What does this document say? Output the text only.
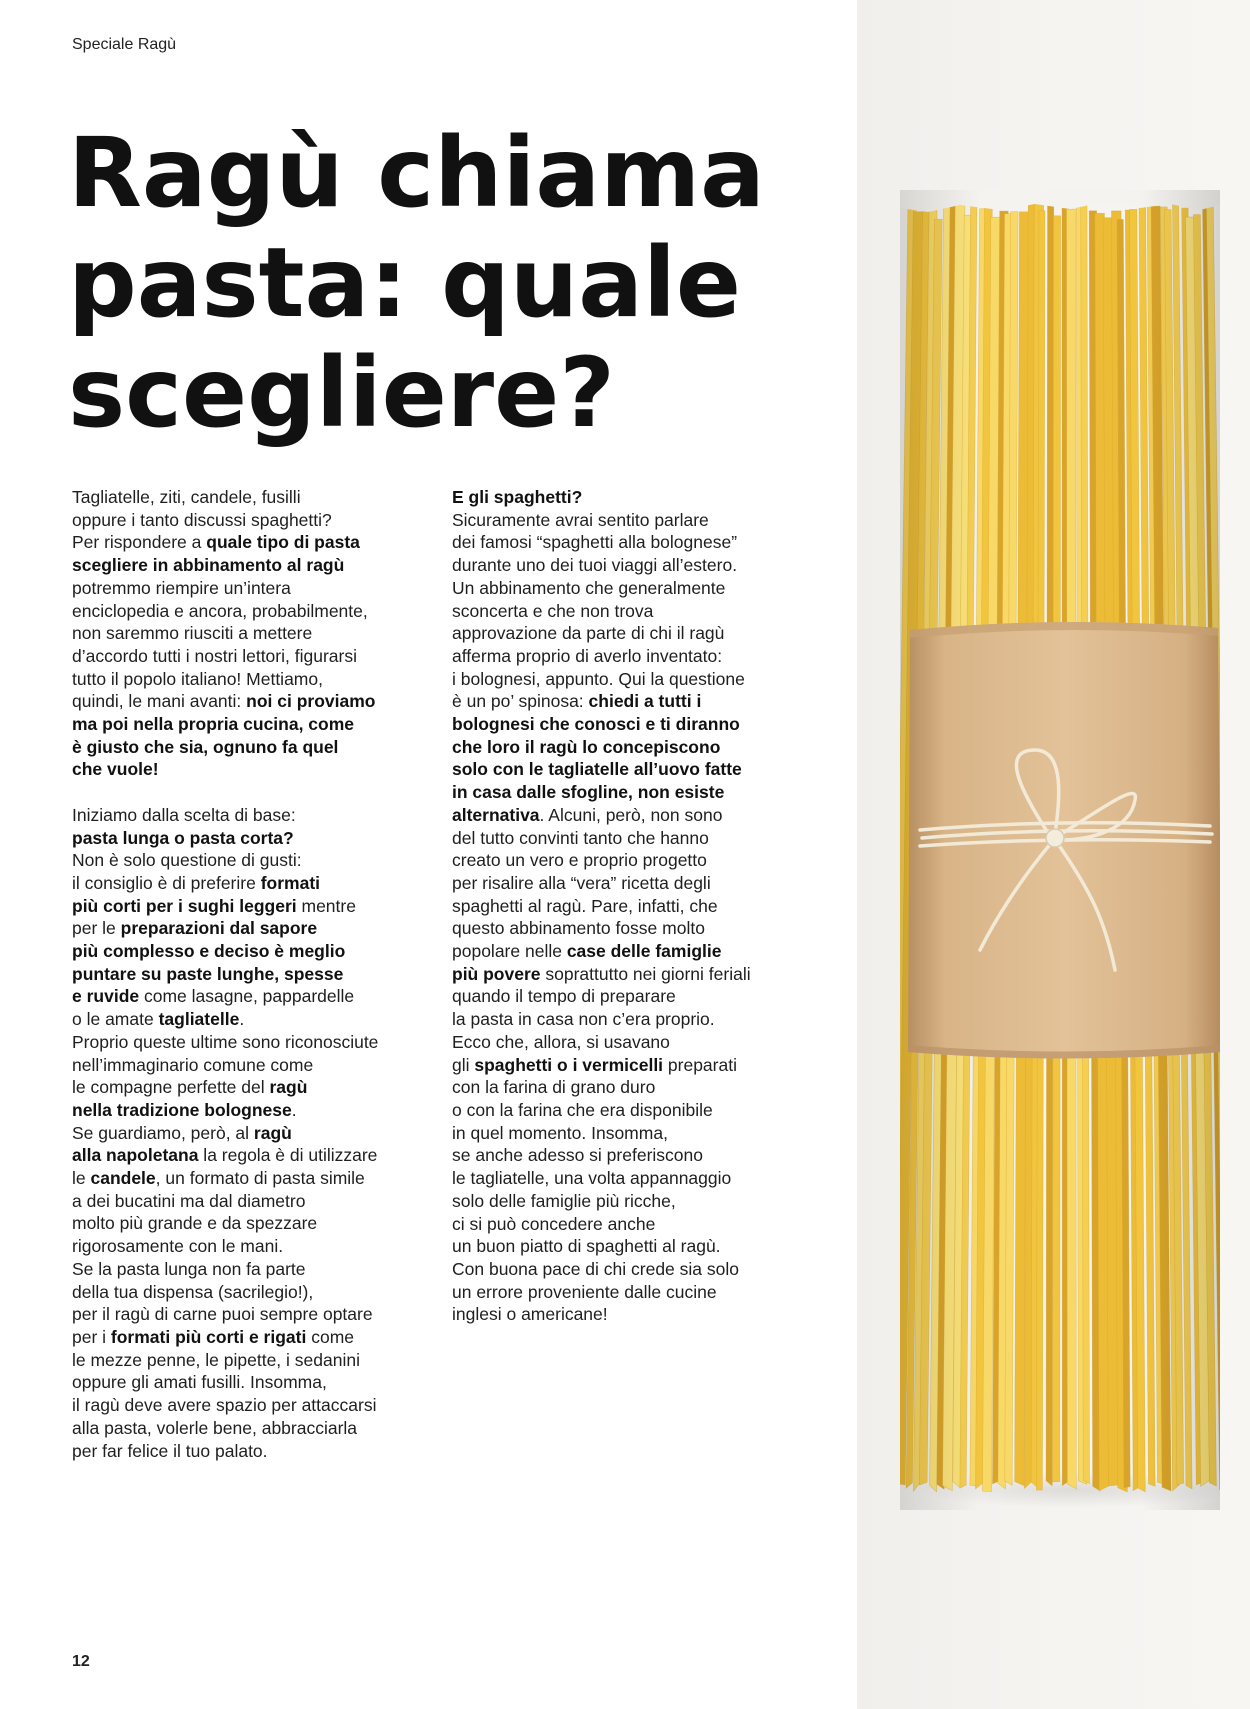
Speciale Ragù
Ragù chiama
pasta: quale
scegliere?
Tagliatelle, ziti, candele, fusilli
oppure i tanto discussi spaghetti?
Per rispondere a quale tipo di pasta
scegliere in abbinamento al ragù
potremmo riempire un’intera
enciclopedia e ancora, probabilmente,
non saremmo riusciti a mettere
d’accordo tutti i nostri lettori, figurarsi
tutto il popolo italiano! Mettiamo,
quindi, le mani avanti: noi ci proviamo
ma poi nella propria cucina, come
è giusto che sia, ognuno fa quel
che vuole!
Iniziamo dalla scelta di base:
pasta lunga o pasta corta?
Non è solo questione di gusti:
il consiglio è di preferire formati
più corti per i sughi leggeri mentre
per le preparazioni dal sapore
più complesso e deciso è meglio
puntare su paste lunghe, spesse
e ruvide come lasagne, pappardelle
o le amate tagliatelle.
Proprio queste ultime sono riconosciute
nell’immaginario comune come
le compagne perfette del ragù
nella tradizione bolognese.
Se guardiamo, però, al ragù
alla napoletana la regola è di utilizzare
le candele, un formato di pasta simile
a dei bucatini ma dal diametro
molto più grande e da spezzare
rigorosamente con le mani.
Se la pasta lunga non fa parte
della tua dispensa (sacrilegio!),
per il ragù di carne puoi sempre optare
per i formati più corti e rigati come
le mezze penne, le pipette, i sedanini
oppure gli amati fusilli. Insomma,
il ragù deve avere spazio per attaccarsi
alla pasta, volerle bene, abbracciarla
per far felice il tuo palato.
E gli spaghetti?
Sicuramente avrai sentito parlare
dei famosi “spaghetti alla bolognese”
durante uno dei tuoi viaggi all’estero.
Un abbinamento che generalmente
sconcerta e che non trova
approvazione da parte di chi il ragù
afferma proprio di averlo inventato:
i bolognesi, appunto. Qui la questione
è un po’ spinosa: chiedi a tutti i
bolognesi che conosci e ti diranno
che loro il ragù lo concepiscono
solo con le tagliatelle all’uovo fatte
in casa dalle sfogline, non esiste
alternativa. Alcuni, però, non sono
del tutto convinti tanto che hanno
creato un vero e proprio progetto
per risalire alla “vera” ricetta degli
spaghetti al ragù. Pare, infatti, che
questo abbinamento fosse molto
popolare nelle case delle famiglie
più povere soprattutto nei giorni feriali
quando il tempo di preparare
la pasta in casa non c’era proprio.
Ecco che, allora, si usavano
gli spaghetti o i vermicelli preparati
con la farina di grano duro
o con la farina che era disponibile
in quel momento. Insomma,
se anche adesso si preferiscono
le tagliatelle, una volta appannaggio
solo delle famiglie più ricche,
ci si può concedere anche
un buon piatto di spaghetti al ragù.
Con buona pace di chi crede sia solo
un errore proveniente dalle cucine
inglesi o americane!
12
